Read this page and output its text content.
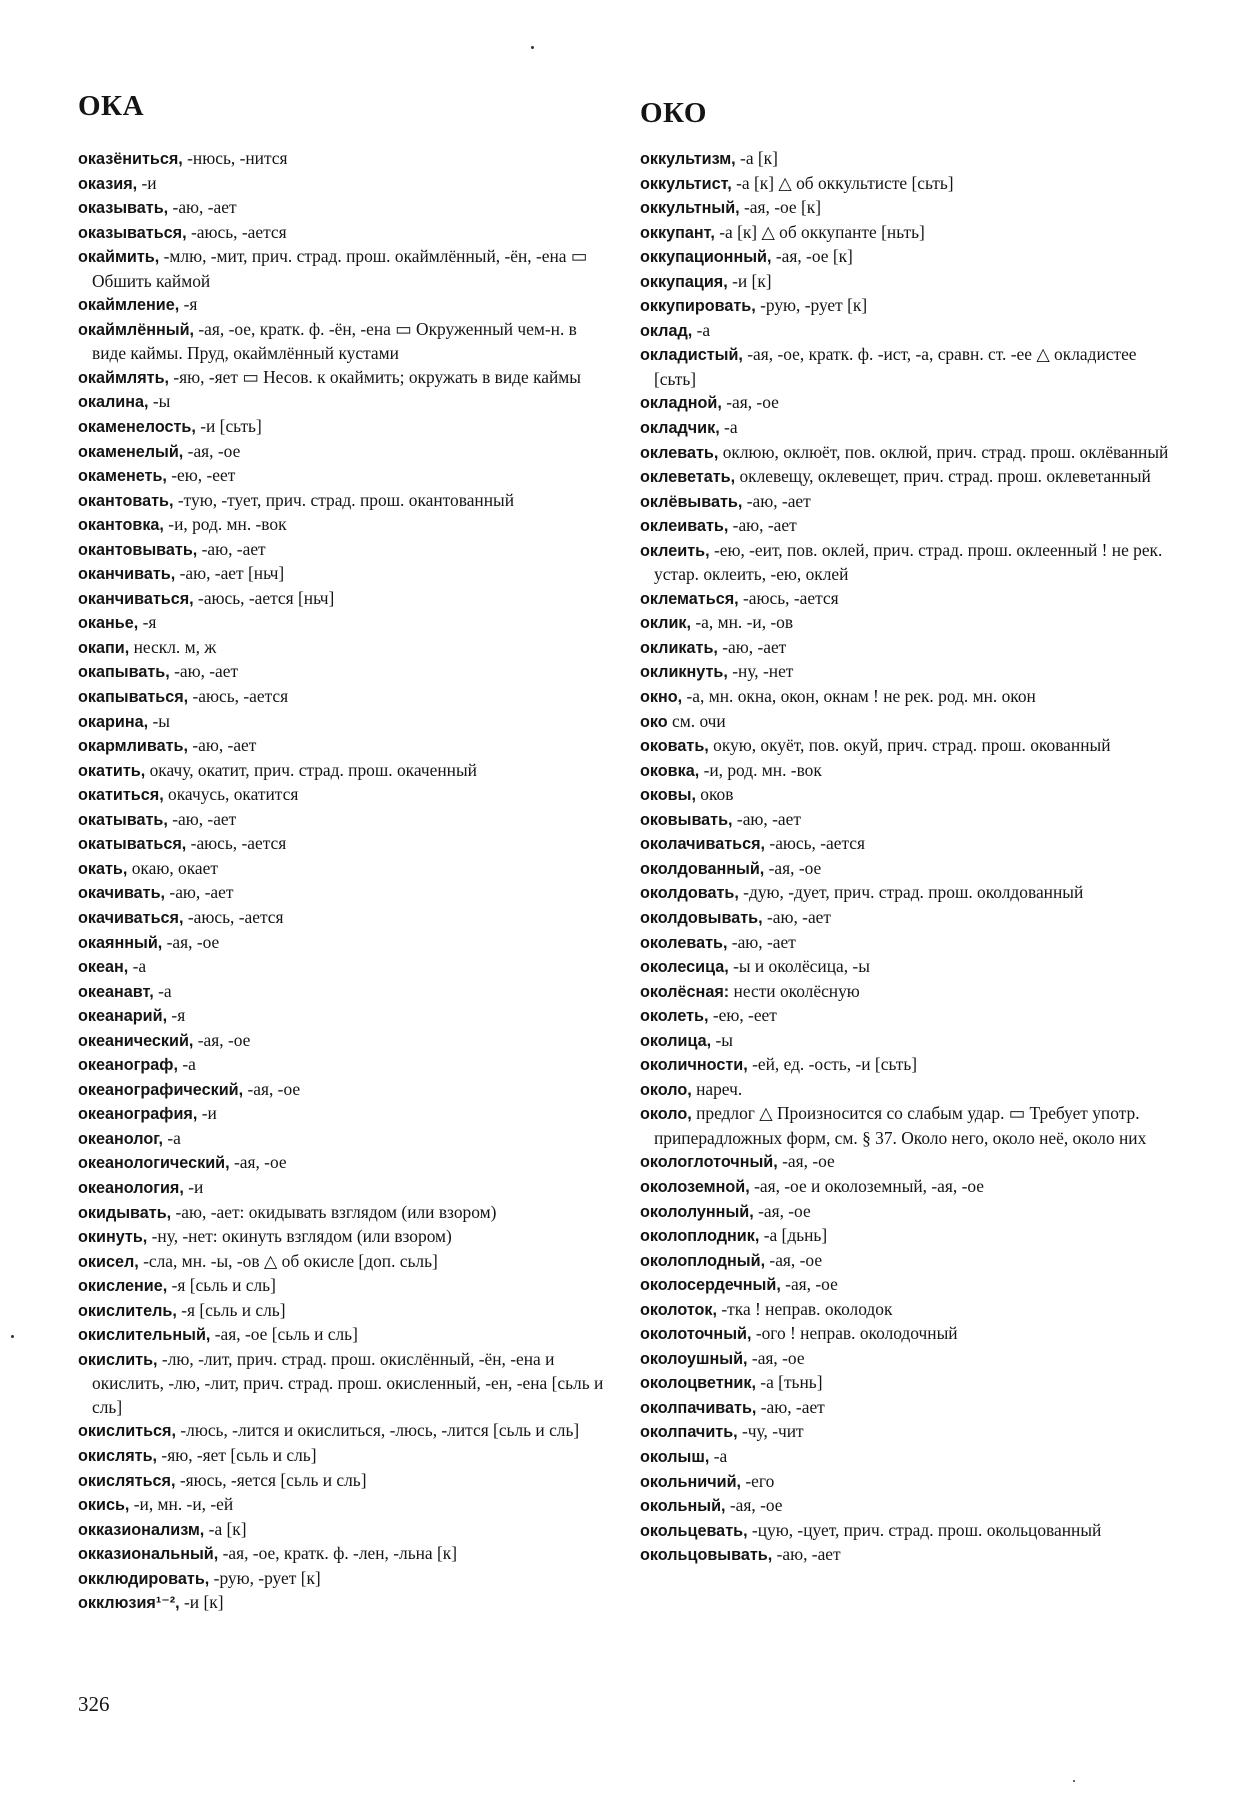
ОКА	ОКО
оказёниться, -нюсь, -нится
оказия, -и
оказывать, -аю, -ает
оказываться, -аюсь, -ается
окаймить, -млю, -мит, прич. страд. прош. окаймлённый, -ён, -ена ▭ Обшить каймой
окаймление, -я
окаймлённый, -ая, -ое, кратк. ф. -ён, -ена ▭ Окруженный чем-н. в виде каймы. Пруд, окаймлённый кустами
окаймлять, -яю, -яет ▭ Несов. к окаймить; окружать в виде каймы
окалина, -ы
окаменелость, -и [сьть]
окаменелый, -ая, -ое
окаменеть, -ею, -еет
окантовать, -тую, -тует, прич. страд. прош. окантованный
окантовка, -и, род. мн. -вок
окантовывать, -аю, -ает
оканчивать, -аю, -ает [ньч]
оканчиваться, -аюсь, -ается [ньч]
оканье, -я
окапи, нескл. м, ж
окапывать, -аю, -ает
окапываться, -аюсь, -ается
окарина, -ы
окармливать, -аю, -ает
окатить, окачу, окатит, прич. страд. прош. окаченный
окатиться, окачусь, окатится
окатывать, -аю, -ает
окатываться, -аюсь, -ается
окать, окаю, окает
окачивать, -аю, -ает
окачиваться, -аюсь, -ается
окаянный, -ая, -ое
океан, -а
океанавт, -а
океанарий, -я
океанический, -ая, -ое
океанограф, -а
океанографический, -ая, -ое
океанография, -и
океанолог, -а
океанологический, -ая, -ое
океанология, -и
окидывать, -аю, -ает: окидывать взглядом (или взором)
окинуть, -ну, -нет: окинуть взглядом (или взором)
окисел, -сла, мн. -ы, -ов △ об окисле [доп. сьль]
окисление, -я [сьль и сль]
окислитель, -я [сьль и сль]
окислительный, -ая, -ое [сьль и сль]
окислить, -лю, -лит, прич. страд. прош. окислённый, -ён, -ена и окислить, -лю, -лит, прич. страд. прош. окисленный, -ен, -ена [сьль и сль]
окислиться, -люсь, -лится и окислиться, -люсь, -лится [сьль и сль]
окислять, -яю, -яет [сьль и сль]
окисляться, -яюсь, -яется [сьль и сль]
окись, -и, мн. -и, -ей
окказионализм, -а [к]
окказиональный, -ая, -ое, кратк. ф. -лен, -льна [к]
окклюдировать, -рую, -рует [к]
окклюзия¹⁻², -и [к]
оккультизм, -а [к]
оккультист, -а [к] △ об оккультисте [сьть]
оккультный, -ая, -ое [к]
оккупант, -а [к] △ об оккупанте [ньть]
оккупационный, -ая, -ое [к]
оккупация, -и [к]
оккупировать, -рую, -рует [к]
оклад, -а
окладистый, -ая, -ое, кратк. ф. -ист, -а, сравн. ст. -ее △ окладистее [сьть]
окладной, -ая, -ое
окладчик, -а
оклевать, оклюю, оклюёт, пов. оклюй, прич. страд. прош. оклёванный
оклеветать, оклевещу, оклевещет, прич. страд. прош. оклеветанный
оклёвывать, -аю, -ает
оклеивать, -аю, -ает
оклеить, -ею, -еит, пов. оклей, прич. страд. прош. оклеенный ! не рек. устар. оклеить, -ею, оклей
оклематься, -аюсь, -ается
оклик, -а, мн. -и, -ов
окликать, -аю, -ает
окликнуть, -ну, -нет
окно, -а, мн. окна, окон, окнам ! не рек. род. мн. окон
око см. очи
оковать, окую, окуёт, пов. окуй, прич. страд. прош. окованный
оковка, -и, род. мн. -вок
оковы, оков
оковывать, -аю, -ает
околачиваться, -аюсь, -ается
околдованный, -ая, -ое
околдовать, -дую, -дует, прич. страд. прош. околдованный
околдовывать, -аю, -ает
околевать, -аю, -ает
околесица, -ы и околёсица, -ы
околёсная: нести околёсную
околеть, -ею, -еет
околица, -ы
околичности, -ей, ед. -ость, -и [сьть]
около, нареч.
около, предлог △ Произносится со слабым удар. ▭ Требует употр. приперадложных форм, см. § 37. Около него, около неё, около них
окологлоточный, -ая, -ое
околоземной, -ая, -ое и околоземный, -ая, -ое
окололунный, -ая, -ое
околоплодник, -а [дьнь]
околоплодный, -ая, -ое
околосердечный, -ая, -ое
околоток, -тка ! неправ. околодок
околоточный, -ого ! неправ. околодочный
околоушный, -ая, -ое
околоцветник, -а [тьнь]
околпачивать, -аю, -ает
околпачить, -чу, -чит
околыш, -а
окольничий, -его
окольный, -ая, -ое
окольцевать, -цую, -цует, прич. страд. прош. окольцованный
окольцовывать, -аю, -ает
326
